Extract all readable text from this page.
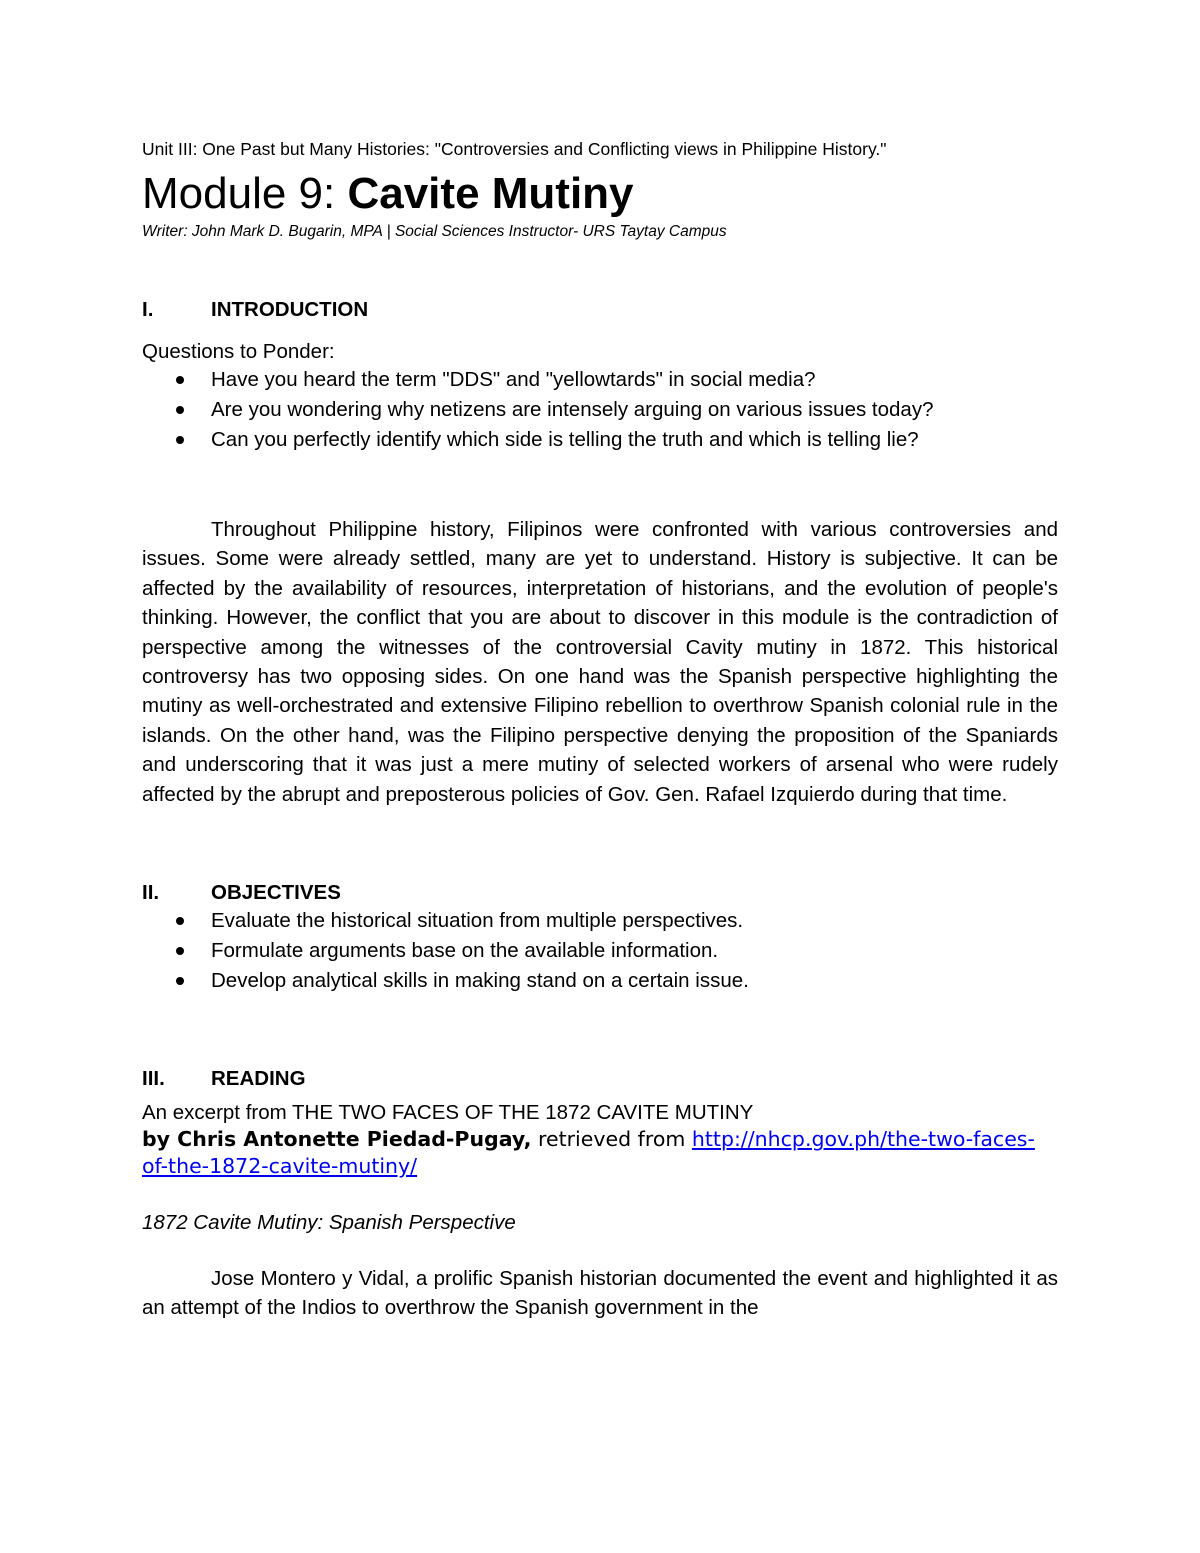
Unit III: One Past but Many Histories: "Controversies and Conflicting views in Philippine History."
Module 9: Cavite Mutiny
Writer: John Mark D. Bugarin, MPA | Social Sciences Instructor- URS Taytay Campus
I.	INTRODUCTION
Questions to Ponder:
Have you heard the term "DDS" and "yellowtards" in social media?
Are you wondering why netizens are intensely arguing on various issues today?
Can you perfectly identify which side is telling the truth and which is telling lie?
Throughout Philippine history, Filipinos were confronted with various controversies and issues. Some were already settled, many are yet to understand. History is subjective. It can be affected by the availability of resources, interpretation of historians, and the evolution of people's thinking. However, the conflict that you are about to discover in this module is the contradiction of perspective among the witnesses of the controversial Cavity mutiny in 1872. This historical controversy has two opposing sides. On one hand was the Spanish perspective highlighting the mutiny as well-orchestrated and extensive Filipino rebellion to overthrow Spanish colonial rule in the islands. On the other hand, was the Filipino perspective denying the proposition of the Spaniards and underscoring that it was just a mere mutiny of selected workers of arsenal who were rudely affected by the abrupt and preposterous policies of Gov. Gen. Rafael Izquierdo during that time.
II.	OBJECTIVES
Evaluate the historical situation from multiple perspectives.
Formulate arguments base on the available information.
Develop analytical skills in making stand on a certain issue.
III.	READING
An excerpt from THE TWO FACES OF THE 1872 CAVITE MUTINY
by Chris Antonette Piedad-Pugay, retrieved from http://nhcp.gov.ph/the-two-faces-of-the-1872-cavite-mutiny/
1872 Cavite Mutiny: Spanish Perspective
Jose Montero y Vidal, a prolific Spanish historian documented the event and highlighted it as an attempt of the Indios to overthrow the Spanish government in the
